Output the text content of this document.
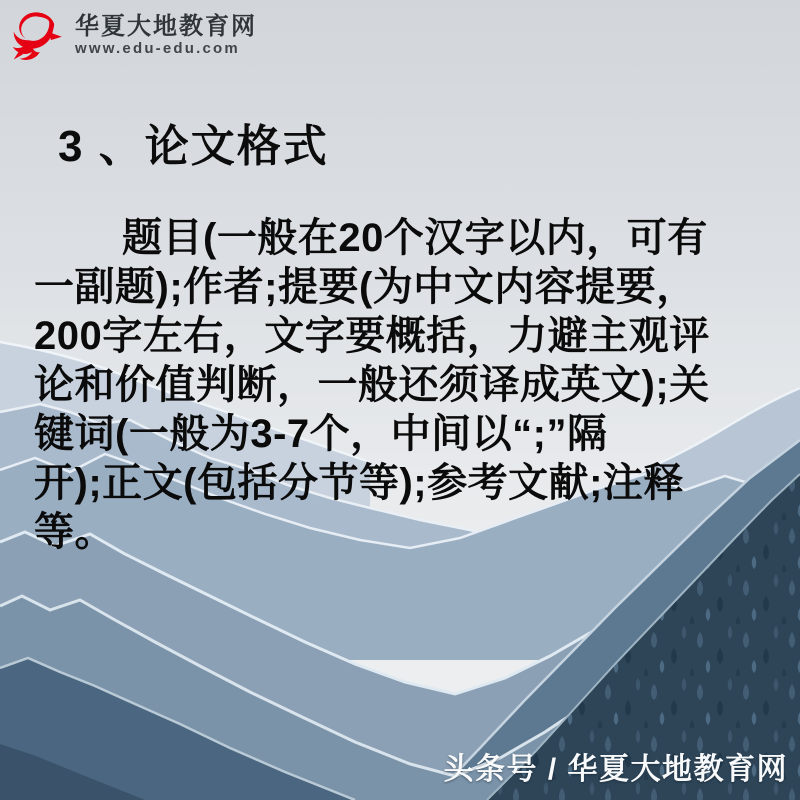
华夏大地教育网
www.edu-edu.com
3 、论文格式
题目(一般在20个汉字以内，可有
一副题);作者;提要(为中文内容提要，
200字左右，文字要概括，力避主观评
论和价值判断，一般还须译成英文);关
键词(一般为3-7个，中间以“;”隔
开);正文(包括分节等);参考文献;注释
等。
头条号 / 华夏大地教育网
